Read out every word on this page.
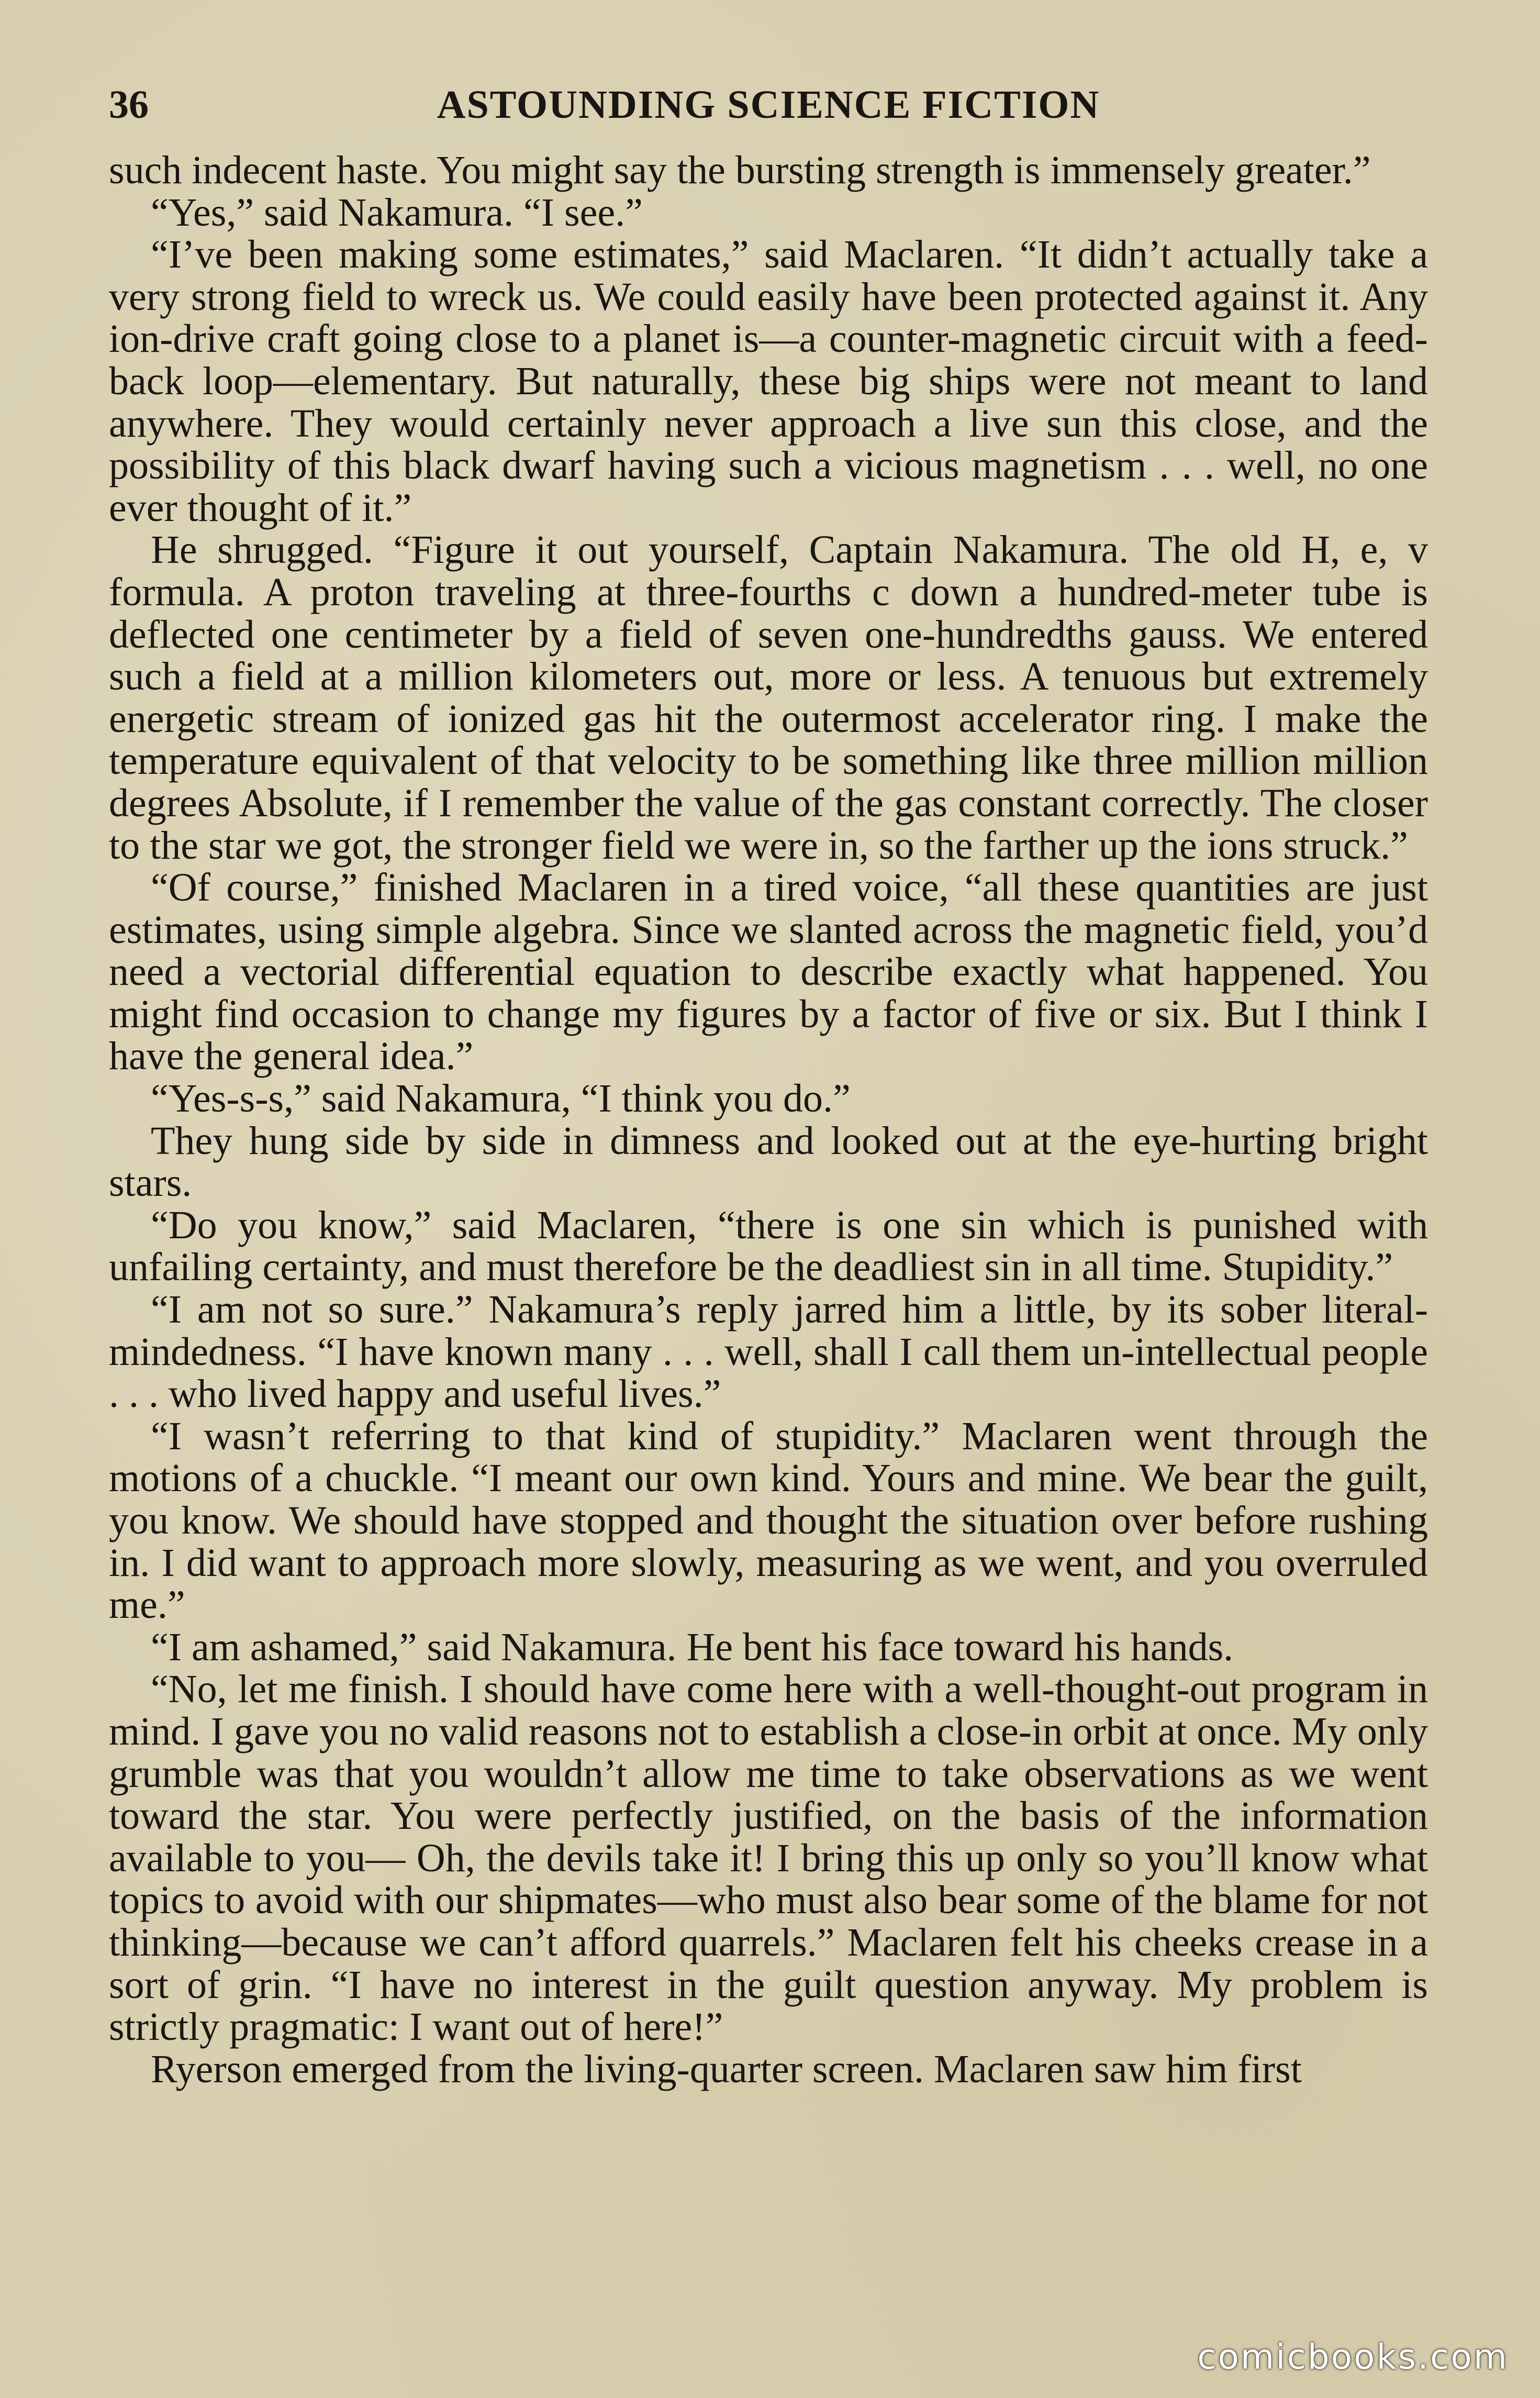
36	ASTOUNDING SCIENCE FICTION

such indecent haste. You might say the bursting strength is immensely greater.”

“Yes,” said Nakamura. “I see.”

“I’ve been making some estimates,” said Maclaren. “It didn’t actually take a very strong field to wreck us. We could easily have been protected against it. Any ion-drive craft going close to a planet is—a counter-magnetic circuit with a feed-back loop—elementary. But naturally, these big ships were not meant to land anywhere. They would certainly never approach a live sun this close, and the possibility of this black dwarf having such a vicious magnetism . . . well, no one ever thought of it.”

He shrugged. “Figure it out yourself, Captain Nakamura. The old H, e, v formula. A proton traveling at three-fourths c down a hundred-meter tube is deflected one centimeter by a field of seven one-hundredths gauss. We entered such a field at a million kilometers out, more or less. A tenuous but extremely energetic stream of ionized gas hit the outermost accelerator ring. I make the temperature equivalent of that velocity to be something like three million million degrees Absolute, if I remember the value of the gas constant correctly. The closer to the star we got, the stronger field we were in, so the farther up the ions struck.”

“Of course,” finished Maclaren in a tired voice, “all these quantities are just estimates, using simple algebra. Since we slanted across the magnetic field, you’d need a vectorial differential equation to describe exactly what happened. You might find occasion to change my figures by a factor of five or six. But I think I have the general idea.”

“Yes-s-s,” said Nakamura, “I think you do.”

They hung side by side in dimness and looked out at the eye-hurting bright stars.

“Do you know,” said Maclaren, “there is one sin which is punished with unfailing certainty, and must therefore be the deadliest sin in all time. Stupidity.”

“I am not so sure.” Nakamura’s reply jarred him a little, by its sober literal-mindedness. “I have known many . . . well, shall I call them un-intellectual people . . . who lived happy and useful lives.”

“I wasn’t referring to that kind of stupidity.” Maclaren went through the motions of a chuckle. “I meant our own kind. Yours and mine. We bear the guilt, you know. We should have stopped and thought the situation over before rushing in. I did want to approach more slowly, measuring as we went, and you overruled me.”

“I am ashamed,” said Nakamura. He bent his face toward his hands.

“No, let me finish. I should have come here with a well-thought-out program in mind. I gave you no valid reasons not to establish a close-in orbit at once. My only grumble was that you wouldn’t allow me time to take observations as we went toward the star. You were perfectly justified, on the basis of the information available to you— Oh, the devils take it! I bring this up only so you’ll know what topics to avoid with our shipmates—who must also bear some of the blame for not thinking—because we can’t afford quarrels.” Maclaren felt his cheeks crease in a sort of grin. “I have no interest in the guilt question anyway. My problem is strictly pragmatic: I want out of here!”

Ryerson emerged from the living-quarter screen. Maclaren saw him first

comicbooks.com
